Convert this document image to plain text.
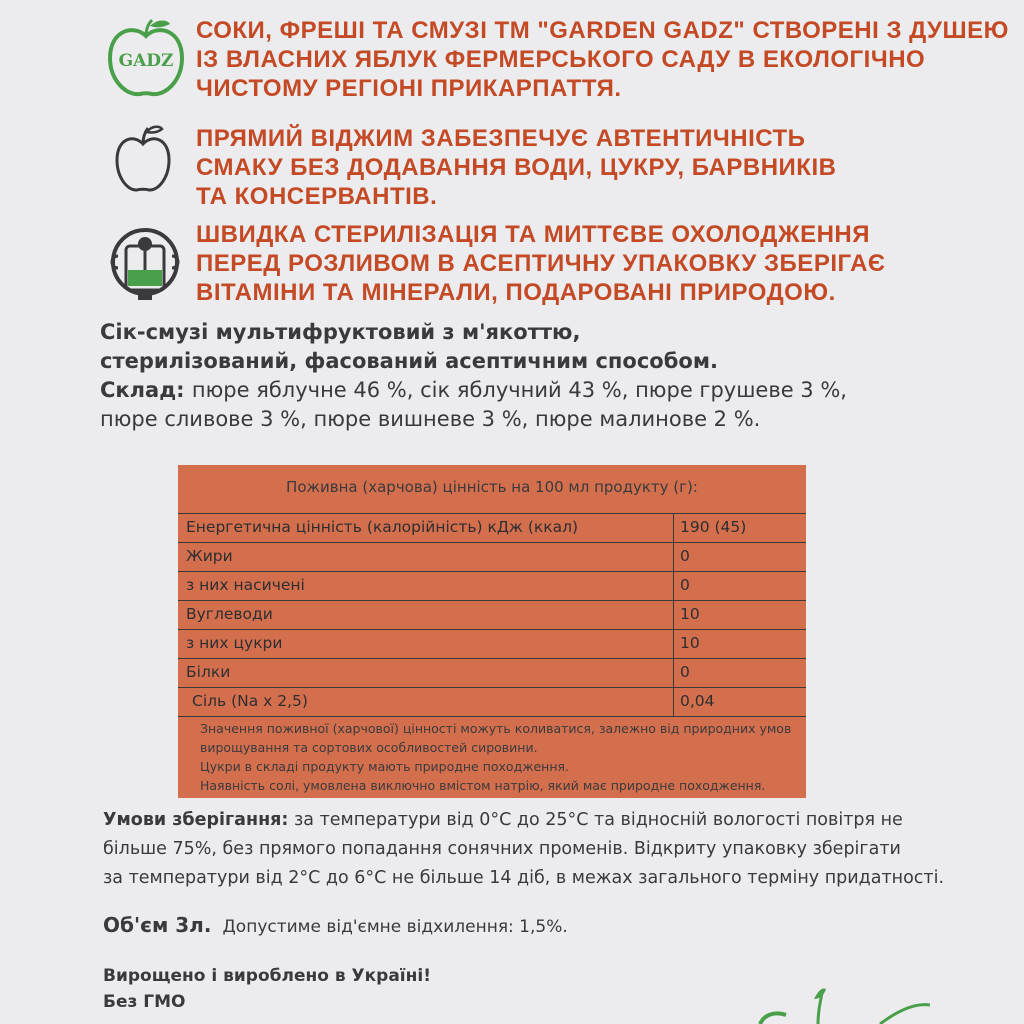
GADZ

СОКИ, ФРЕШІ ТА СМУЗІ ТМ "GARDEN GADZ" СТВОРЕНІ З ДУШЕЮ
ІЗ ВЛАСНИХ ЯБЛУК ФЕРМЕРСЬКОГО САДУ В ЕКОЛОГІЧНО
ЧИСТОМУ РЕГІОНІ ПРИКАРПАТТЯ.

ПРЯМИЙ ВІДЖИМ ЗАБЕЗПЕЧУЄ АВТЕНТИЧНІСТЬ
СМАКУ БЕЗ ДОДАВАННЯ ВОДИ, ЦУКРУ, БАРВНИКІВ
ТА КОНСЕРВАНТІВ.

ШВИДКА СТЕРИЛІЗАЦІЯ ТА МИТТЄВЕ ОХОЛОДЖЕННЯ
ПЕРЕД РОЗЛИВОМ В АСЕПТИЧНУ УПАКОВКУ ЗБЕРІГАЄ
ВІТАМІНИ ТА МІНЕРАЛИ, ПОДАРОВАНІ ПРИРОДОЮ.

Сік-смузі мультифруктовий з м'якоттю,
стерилізований, фасований асептичним способом.
Склад: пюре яблучне 46 %, сік яблучний 43 %, пюре грушеве 3 %,
пюре сливове 3 %, пюре вишневе 3 %, пюре малинове 2 %.
Поживна (харчова) цінність на 100 мл продукту (г):
Енергетична цінність (калорійність) кДж (ккал)	190 (45)
Жири	0
з них насичені	0
Вуглеводи	10
з них цукри	10
Білки	0
Сіль (Na x 2,5)	0,04

Значення поживної (харчової) цінності можуть коливатися, залежно від природних умов

вирощування та сортових особливостей сировини.

Цукри в складі продукту мають природне походження.

Наявність солі, умовлена виключно вмістом натрію, який має природне походження.

Умови зберігання: за температури від 0°С до 25°С та відносній вологості повітря не
більше 75%, без прямого попадання сонячних променів. Відкриту упаковку зберігати
за температури від 2°С до 6°С не більше 14 діб, в межах загального терміну придатності.
Об'єм 3л. Допустиме від'ємне відхилення: 1,5%.
Вирощено і вироблено в Україні!
Без ГМО
